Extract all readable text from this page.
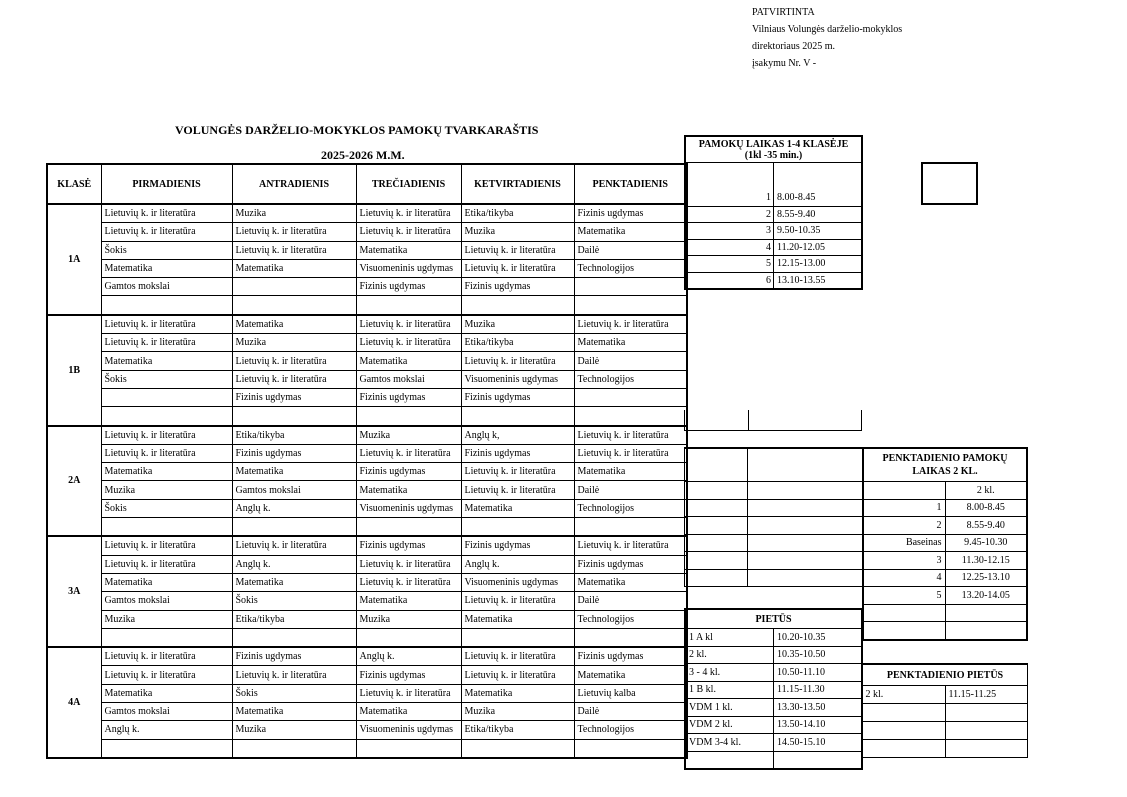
PATVIRTINTA
Vilniaus Volungės darželio-mokyklos
direktoriaus 2025 m.
įsakymu Nr. V -
VOLUNGĖS DARŽELIO-MOKYKLOS PAMOKŲ TVARKARAŠTIS
2025-2026 M.M.
KLASĖ	PIRMADIENIS	ANTRADIENIS	TREČIADIENIS	KETVIRTADIENIS	PENKTADIENIS
1A	Lietuvių k. ir literatūra	Muzika	Lietuvių k. ir literatūra	Etika/tikyba	Fizinis ugdymas
	Lietuvių k. ir literatūra	Lietuvių k. ir literatūra	Lietuvių k. ir literatūra	Muzika	Matematika
	Šokis	Lietuvių k. ir literatūra	Matematika	Lietuvių k. ir literatūra	Dailė
	Matematika	Matematika	Visuomeninis ugdymas	Lietuvių k. ir literatūra	Technologijos
	Gamtos mokslai		Fizinis ugdymas	Fizinis ugdymas	

1B	Lietuvių k. ir literatūra	Matematika	Lietuvių k. ir literatūra	Muzika	Lietuvių k. ir literatūra
	Lietuvių k. ir literatūra	Muzika	Lietuvių k. ir literatūra	Etika/tikyba	Matematika
	Matematika	Lietuvių k. ir literatūra	Matematika	Lietuvių k. ir literatūra	Dailė
	Šokis	Lietuvių k. ir literatūra	Gamtos mokslai	Visuomeninis ugdymas	Technologijos
		Fizinis ugdymas	Fizinis ugdymas	Fizinis ugdymas	

2A	Lietuvių k. ir literatūra	Etika/tikyba	Muzika	Anglų k,	Lietuvių k. ir literatūra
	Lietuvių k. ir literatūra	Fizinis ugdymas	Lietuvių k. ir literatūra	Fizinis ugdymas	Lietuvių k. ir literatūra
	Matematika	Matematika	Fizinis ugdymas	Lietuvių k. ir literatūra	Matematika
	Muzika	Gamtos mokslai	Matematika	Lietuvių k. ir literatūra	Dailė
	Šokis	Anglų k.	Visuomeninis ugdymas	Matematika	Technologijos

3A	Lietuvių k. ir literatūra	Lietuvių k. ir literatūra	Fizinis ugdymas	Fizinis ugdymas	Lietuvių k. ir literatūra
	Lietuvių k. ir literatūra	Anglų k.	Lietuvių k. ir literatūra	Anglų k.	Fizinis ugdymas
	Matematika	Matematika	Lietuvių k. ir literatūra	Visuomeninis ugdymas	Matematika
	Gamtos mokslai	Šokis	Matematika	Lietuvių k. ir literatūra	Dailė
	Muzika	Etika/tikyba	Muzika	Matematika	Technologijos

4A	Lietuvių k. ir literatūra	Fizinis ugdymas	Anglų k.	Lietuvių k. ir literatūra	Fizinis ugdymas
	Lietuvių k. ir literatūra	Lietuvių k. ir literatūra	Fizinis ugdymas	Lietuvių k. ir literatūra	Matematika
	Matematika	Šokis	Lietuvių k. ir literatūra	Matematika	Lietuvių kalba
	Gamtos mokslai	Matematika	Matematika	Muzika	Dailė
	Anglų k.	Muzika	Visuomeninis ugdymas	Etika/tikyba	Technologijos

PAMOKŲ LAIKAS 1-4 KLASĖJE
(1kl -35 min.)	

1	8.00-8.45
2	8.55-9.40
3	9.50-10.35
4	11.20-12.05
5	12.15-13.00
6	13.10-13.55

PENKTADIENIO PAMOKŲ LAIKAS 2 KL.	
	2 kl.
1	8.00-8.45
2	8.55-9.40
Baseinas	9.45-10.30
3	11.30-12.15
4	12.25-13.10
5	13.20-14.05

PIETŪS	
1 A kl	10.20-10.35
2 kl.	10.35-10.50
3 - 4 kl.	10.50-11.10
1 B kl.	11.15-11.30
VDM 1 kl.	13.30-13.50
VDM 2 kl.	13.50-14.10
VDM 3-4 kl.	14.50-15.10

PENKTADIENIO PIETŪS	
2 kl.	11.15-11.25
